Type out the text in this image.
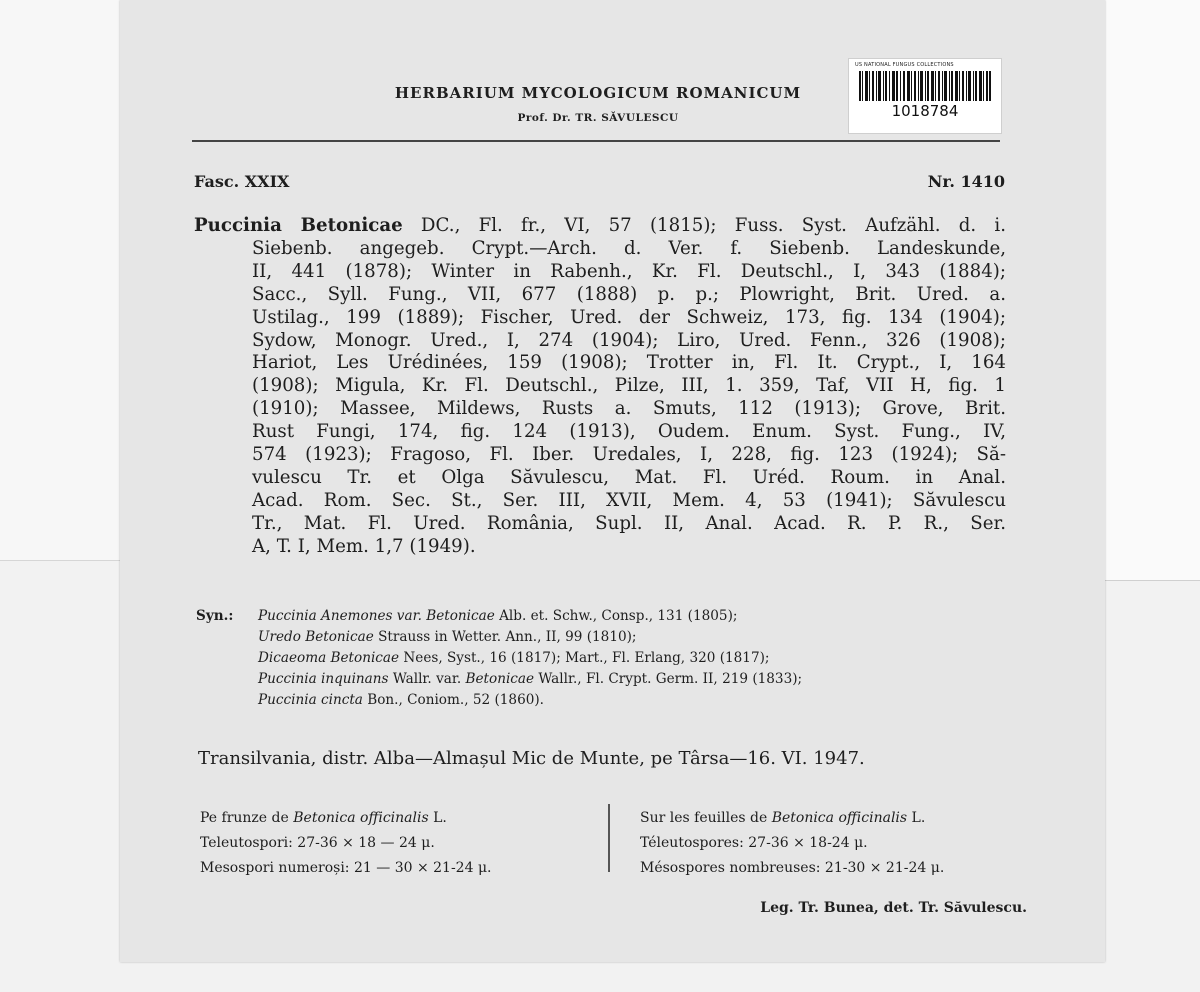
US NATIONAL FUNGUS COLLECTIONS
1018784
HERBARIUM MYCOLOGICUM ROMANICUM
Prof. Dr. TR. SĂVULESCU
Fasc. XXIX	Nr. 1410
Puccinia Betonicae DC., Fl. fr., VI, 57 (1815); Fuss. Syst. Aufzähl. d. i.
Siebenb. angegeb. Crypt.—Arch. d. Ver. f. Siebenb. Landeskunde,
II, 441 (1878); Winter in Rabenh., Kr. Fl. Deutschl., I, 343 (1884);
Sacc., Syll. Fung., VII, 677 (1888) p. p.; Plowright, Brit. Ured. a.
Ustilag., 199 (1889); Fischer, Ured. der Schweiz, 173, fig. 134 (1904);
Sydow, Monogr. Ured., I, 274 (1904); Liro, Ured. Fenn., 326 (1908);
Hariot, Les Urédinées, 159 (1908); Trotter in, Fl. It. Crypt., I, 164
(1908); Migula, Kr. Fl. Deutschl., Pilze, III, 1. 359, Taf, VII H, fig. 1
(1910); Massee, Mildews, Rusts a. Smuts, 112 (1913); Grove, Brit.
Rust Fungi, 174, fig. 124 (1913), Oudem. Enum. Syst. Fung., IV,
574 (1923); Fragoso, Fl. Iber. Uredales, I, 228, fig. 123 (1924); Să-
vulescu Tr. et Olga Săvulescu, Mat. Fl. Uréd. Roum. in Anal.
Acad. Rom. Sec. St., Ser. III, XVII, Mem. 4, 53 (1941); Săvulescu
Tr., Mat. Fl. Ured. România, Supl. II, Anal. Acad. R. P. R., Ser.
A, T. I, Mem. 1,7 (1949).
Syn.: Puccinia Anemones var. Betonicae Alb. et. Schw., Consp., 131 (1805);
Uredo Betonicae Strauss in Wetter. Ann., II, 99 (1810);
Dicaeoma Betonicae Nees, Syst., 16 (1817); Mart., Fl. Erlang, 320 (1817);
Puccinia inquinans Wallr. var. Betonicae Wallr., Fl. Crypt. Germ. II, 219 (1833);
Puccinia cincta Bon., Coniom., 52 (1860).
Transilvania, distr. Alba—Almașul Mic de Munte, pe Târsa—16. VI. 1947.
Pe frunze de Betonica officinalis L.
Teleutospori: 27-36 × 18 — 24 μ.
Mesospori numeroși: 21 — 30 × 21-24 μ.
Sur les feuilles de Betonica officinalis L.
Téleutospores: 27-36 × 18-24 μ.
Mésospores nombreuses: 21-30 × 21-24 μ.
Leg. Tr. Bunea, det. Tr. Săvulescu.
